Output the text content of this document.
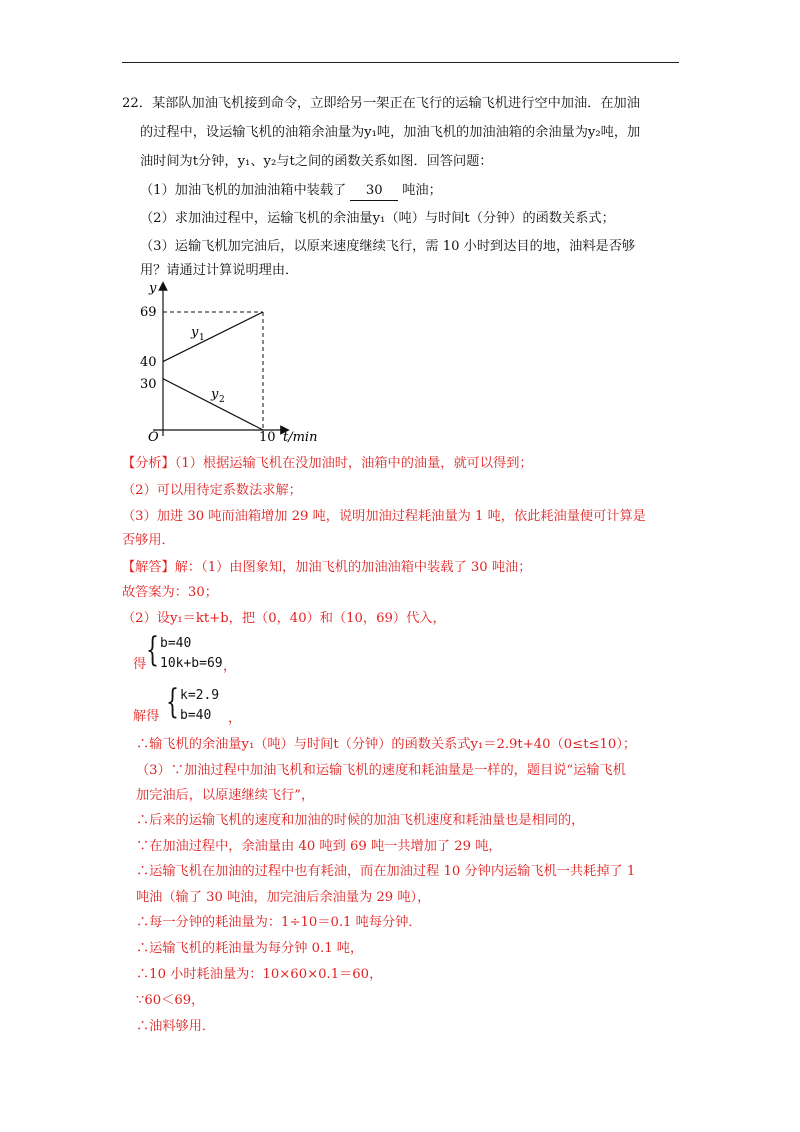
22．某部队加油飞机接到命令，立即给另一架正在飞行的运输飞机进行空中加油．在加油
的过程中，设运输飞机的油箱余油量为y₁吨，加油飞机的加油油箱的余油量为y₂吨，加
油时间为t分钟，y₁、y₂与t之间的函数关系如图．回答问题：
（1）加油飞机的加油油箱中装载了 30 吨油；
（2）求加油过程中，运输飞机的余油量y₁（吨）与时间t（分钟）的函数关系式；
（3）运输飞机加完油后，以原来速度继续飞行，需 10 小时到达目的地，油料是否够
用？请通过计算说明理由．
y
69
40
30
O	10 t/min
y 1
y 2
【分析】（1）根据运输飞机在没加油时，油箱中的油量，就可以得到；
（2）可以用待定系数法求解；
（3）加进 30 吨而油箱增加 29 吨，说明加油过程耗油量为 1 吨，依此耗油量便可计算是
否够用．
【解答】解：（1）由图象知，加油飞机的加油油箱中装载了 30 吨油；
故答案为：30；
（2）设y₁＝kt+b，把（0，40）和（10，69）代入，
得 { b=40
10k+b=69 ，
解得 { k=2.9
b=40 ，
∴输飞机的余油量y₁（吨）与时间t（分钟）的函数关系式y₁＝2.9t+40（0≤t≤10）；
（3）∵加油过程中加油飞机和运输飞机的速度和耗油量是一样的，题目说“运输飞机
加完油后，以原速继续飞行”，
∴后来的运输飞机的速度和加油的时候的加油飞机速度和耗油量也是相同的，
∵在加油过程中，余油量由 40 吨到 69 吨一共增加了 29 吨，
∴运输飞机在加油的过程中也有耗油，而在加油过程 10 分钟内运输飞机一共耗掉了 1
吨油（输了 30 吨油，加完油后余油量为 29 吨），
∴每一分钟的耗油量为：1÷10＝0.1 吨每分钟．
∴运输飞机的耗油量为每分钟 0.1 吨，
∴10 小时耗油量为：10×60×0.1＝60，
∵60＜69，
∴油料够用．
